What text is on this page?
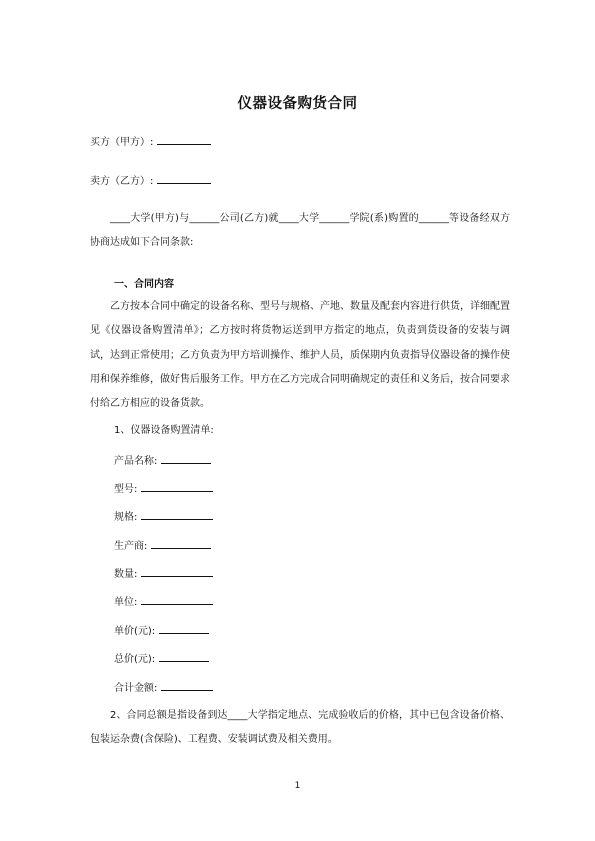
仪器设备购货合同
买方（甲方）:
卖方（乙方）:
____大学(甲方)与______公司(乙方)就____大学______学院(系)购置的______等设备经双方协商达成如下合同条款:
一、合同内容
乙方按本合同中确定的设备名称、型号与规格、产地、数量及配套内容进行供货，详细配置见《仪器设备购置清单》；乙方按时将货物运送到甲方指定的地点，负责到货设备的安装与调试，达到正常使用；乙方负责为甲方培训操作、维护人员，质保期内负责指导仪器设备的操作使用和保养维修，做好售后服务工作。甲方在乙方完成合同明确规定的责任和义务后，按合同要求付给乙方相应的设备货款。
1、仪器设备购置清单:
产品名称:
型号:
规格:
生产商:
数量:
单位:
单价(元):
总价(元):
合计金额:
2、合同总额是指设备到达____大学指定地点、完成验收后的价格，其中已包含设备价格、包装运杂费(含保险)、工程费、安装调试费及相关费用。
1
